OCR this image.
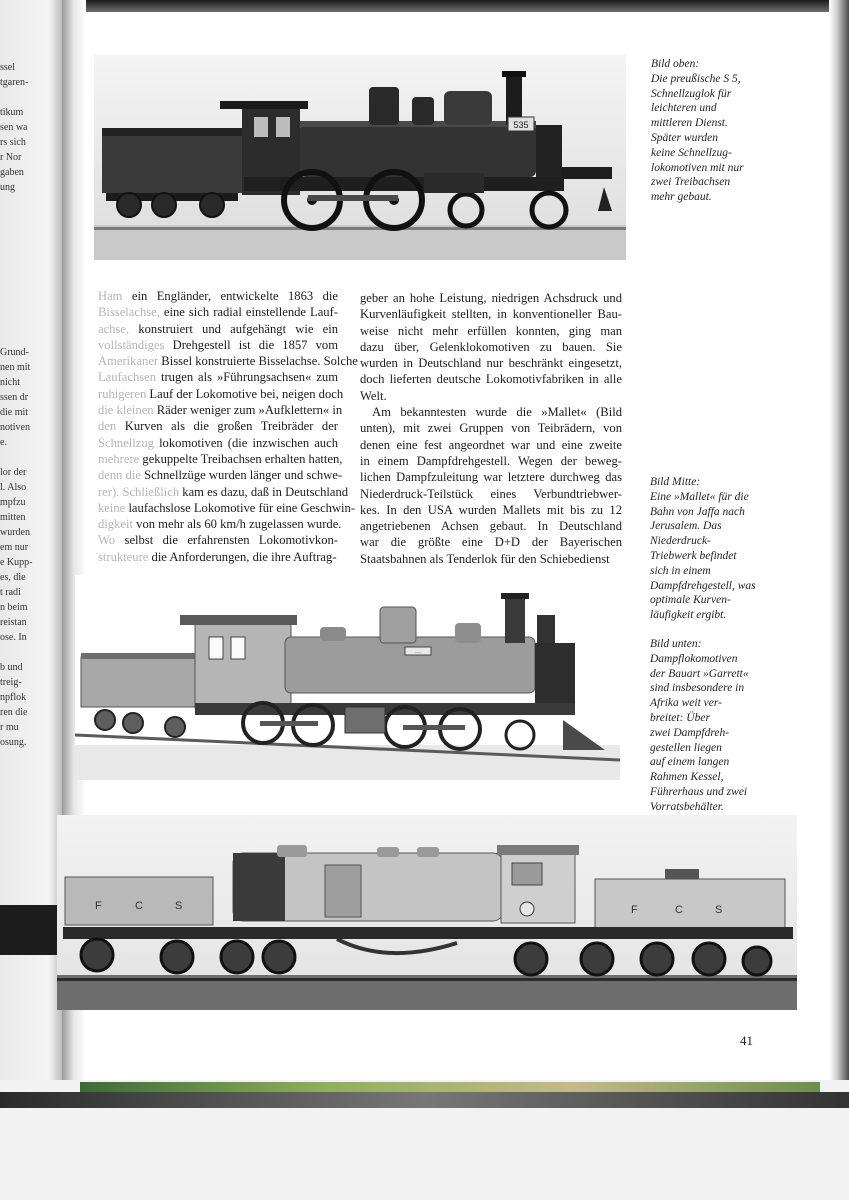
ssel
tgaren-
tikum
sen wa
rs sich
r Nor
gaben
ung
Grund-
nen mit
nicht
ssen dr
die mit
notiven
e.
lor der
l. Also
mpfzu
mitten
wurden
em nur
e Kupp-
es, die
t radi
n beim
reistan
ose. In
b und
treig-
npflok
ren die
r mu
osung.
535
Bild oben:
Die preußische S 5,
Schnellzuglok für
leichteren und
mittleren Dienst.
Später wurden
keine Schnellzug-
lokomotiven mit nur
zwei Treibachsen
mehr gebaut.
Ham ein Engländer, entwickelte 1863 die
Bisselachse, eine sich radial einstellende Lauf-
achse, konstruiert und aufgehängt wie ein
vollständiges Drehgestell ist die 1857 vom
Amerikaner Bissel konstruierte Bisselachse. Solche
Laufachsen trugen als »Führungsachsen« zum
ruhigeren Lauf der Lokomotive bei, neigen doch
die kleinen Räder weniger zum »Aufklettern« in
den Kurven als die großen Treibräder der
Schnellzug lokomotiven (die inzwischen auch
mehrere gekuppelte Treibachsen erhalten hatten,
denn die Schnellzüge wurden länger und schwe-
rer). Schließlich kam es dazu, daß in Deutschland
keine laufachslose Lokomotive für eine Geschwin-
digkeit von mehr als 60 km/h zugelassen wurde.
Wo selbst die erfahrensten Lokomotivkon-
strukteure die Anforderungen, die ihre Auftrag-
geber an hohe Leistung, niedrigen Achsdruck und
Kurvenläufigkeit stellten, in konventioneller Bau-
weise nicht mehr erfüllen konnten, ging man
dazu über, Gelenklokomotiven zu bauen. Sie
wurden in Deutschland nur beschränkt eingesetzt,
doch lieferten deutsche Lokomotivfabriken in alle
Welt.
Am bekanntesten wurde die »Mallet« (Bild
unten), mit zwei Gruppen von Teibrädern, von
denen eine fest angeordnet war und eine zweite
in einem Dampfdrehgestell. Wegen der beweg-
lichen Dampfzuleitung war letztere durchweg das
Niederdruck-Teilstück eines Verbundtriebwer-
kes. In den USA wurden Mallets mit bis zu 12
angetriebenen Achsen gebaut. In Deutschland
war die größte eine D+D der Bayerischen
Staatsbahnen als Tenderlok für den Schiebedienst
Bild Mitte:
Eine »Mallet« für die
Bahn von Jaffa nach
Jerusalem. Das
Niederdruck-
Triebwerk befindet
sich in einem
Dampfdrehgestell, was
optimale Kurven-
läufigkeit ergibt.
···
Bild unten:
Dampflokomotiven
der Bauart »Garrett«
sind insbesondere in
Afrika weit ver-
breitet: Über
zwei Dampfdreh-
gestellen liegen
auf einem langen
Rahmen Kessel,
Führerhaus und zwei
Vorratsbehälter.
F	C	S	F	C	S

41
